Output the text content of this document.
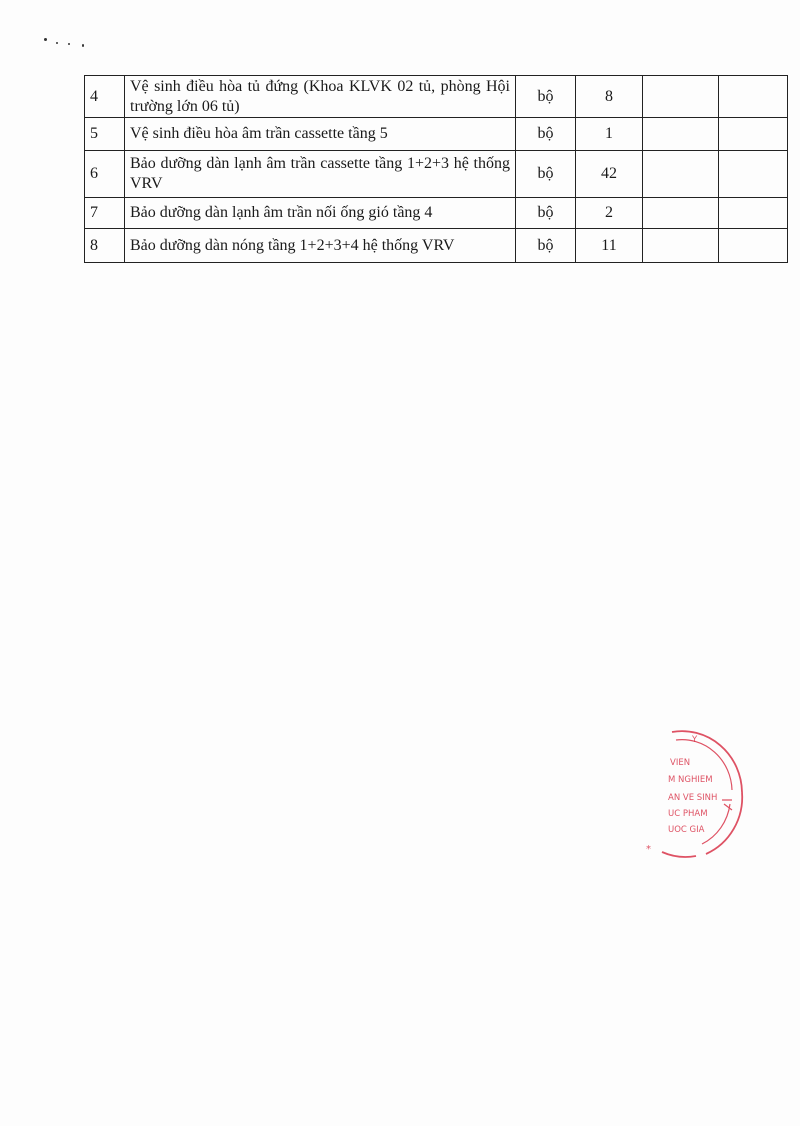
4	Vệ sinh điều hòa tủ đứng (Khoa KLVK 02 tủ, phòng Hội trường lớn 06 tủ)	bộ	8		
5	Vệ sinh điều hòa âm trần cassette tầng 5	bộ	1		
6	Bảo dưỡng dàn lạnh âm trần cassette tầng 1+2+3 hệ thống VRV	bộ	42		
7	Bảo dưỡng dàn lạnh âm trần nối ống gió tầng 4	bộ	2		
8	Bảo dưỡng dàn nóng tầng 1+2+3+4 hệ thống VRV	bộ	11		
Y
VIEN
M NGHIEM
AN VE SINH
UC PHAM
UOC GIA
*
